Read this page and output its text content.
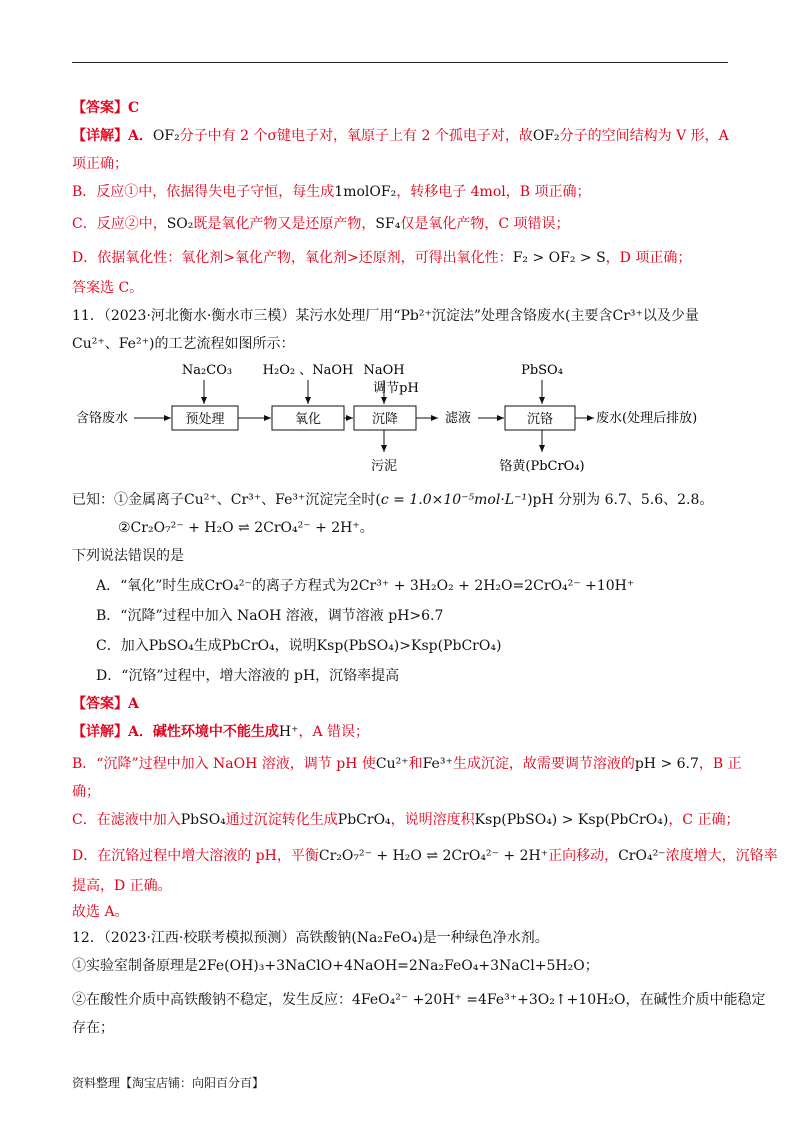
【答案】C
【详解】A．OF₂分子中有 2 个σ键电子对，氧原子上有 2 个孤电子对，故OF₂分子的空间结构为 V 形，A
项正确；
B．反应①中，依据得失电子守恒，每生成1molOF₂，转移电子 4mol，B 项正确；
C．反应②中，SO₂既是氧化产物又是还原产物，SF₄仅是氧化产物，C 项错误；
D．依据氧化性：氧化剂>氧化产物，氧化剂>还原剂，可得出氧化性：F₂ > OF₂ > S，D 项正确；
答案选 C。
11．（2023·河北衡水·衡水市三模）某污水处理厂用“Pb²⁺沉淀法”处理含铬废水(主要含Cr³⁺以及少量
Cu²⁺、Fe²⁺)的工艺流程如图所示：
Na₂CO₃ H₂O₂ 、NaOH NaOH
调节pH
PbSO₄
含铬废水	预处理	氧化	沉降	滤液	沉铬	废水(处理后排放)
污泥	铬黄(PbCrO₄)
已知：①金属离子Cu²⁺、Cr³⁺、Fe³⁺沉淀完全时(c = 1.0×10⁻⁵mol·L⁻¹)pH 分别为 6.7、5.6、2.8。
②Cr₂O₇²⁻ + H₂O ⇌ 2CrO₄²⁻ + 2H⁺。
下列说法错误的是
A．“氧化”时生成CrO₄²⁻的离子方程式为2Cr³⁺ + 3H₂O₂ + 2H₂O=2CrO₄²⁻ +10H⁺
B．“沉降”过程中加入 NaOH 溶液，调节溶液 pH>6.7
C．加入PbSO₄生成PbCrO₄，说明Ksp(PbSO₄)>Ksp(PbCrO₄)
D．“沉铬”过程中，增大溶液的 pH，沉铬率提高
【答案】A
【详解】A．碱性环境中不能生成H⁺，A 错误；
B．“沉降”过程中加入 NaOH 溶液，调节 pH 使Cu²⁺和Fe³⁺生成沉淀，故需要调节溶液的pH > 6.7，B 正
确；
C．在滤液中加入PbSO₄通过沉淀转化生成PbCrO₄，说明溶度积Ksp(PbSO₄) > Ksp(PbCrO₄)，C 正确；
D．在沉铬过程中增大溶液的 pH，平衡Cr₂O₇²⁻ + H₂O ⇌ 2CrO₄²⁻ + 2H⁺正向移动，CrO₄²⁻浓度增大，沉铬率
提高，D 正确。
故选 A。
12．（2023·江西·校联考模拟预测）高铁酸钠(Na₂FeO₄)是一种绿色净水剂。
①实验室制备原理是2Fe(OH)₃+3NaClO+4NaOH=2Na₂FeO₄+3NaCl+5H₂O；
②在酸性介质中高铁酸钠不稳定，发生反应：4FeO₄²⁻ +20H⁺ =4Fe³⁺+3O₂↑+10H₂O，在碱性介质中能稳定
存在；
资料整理【淘宝店铺：向阳百分百】
